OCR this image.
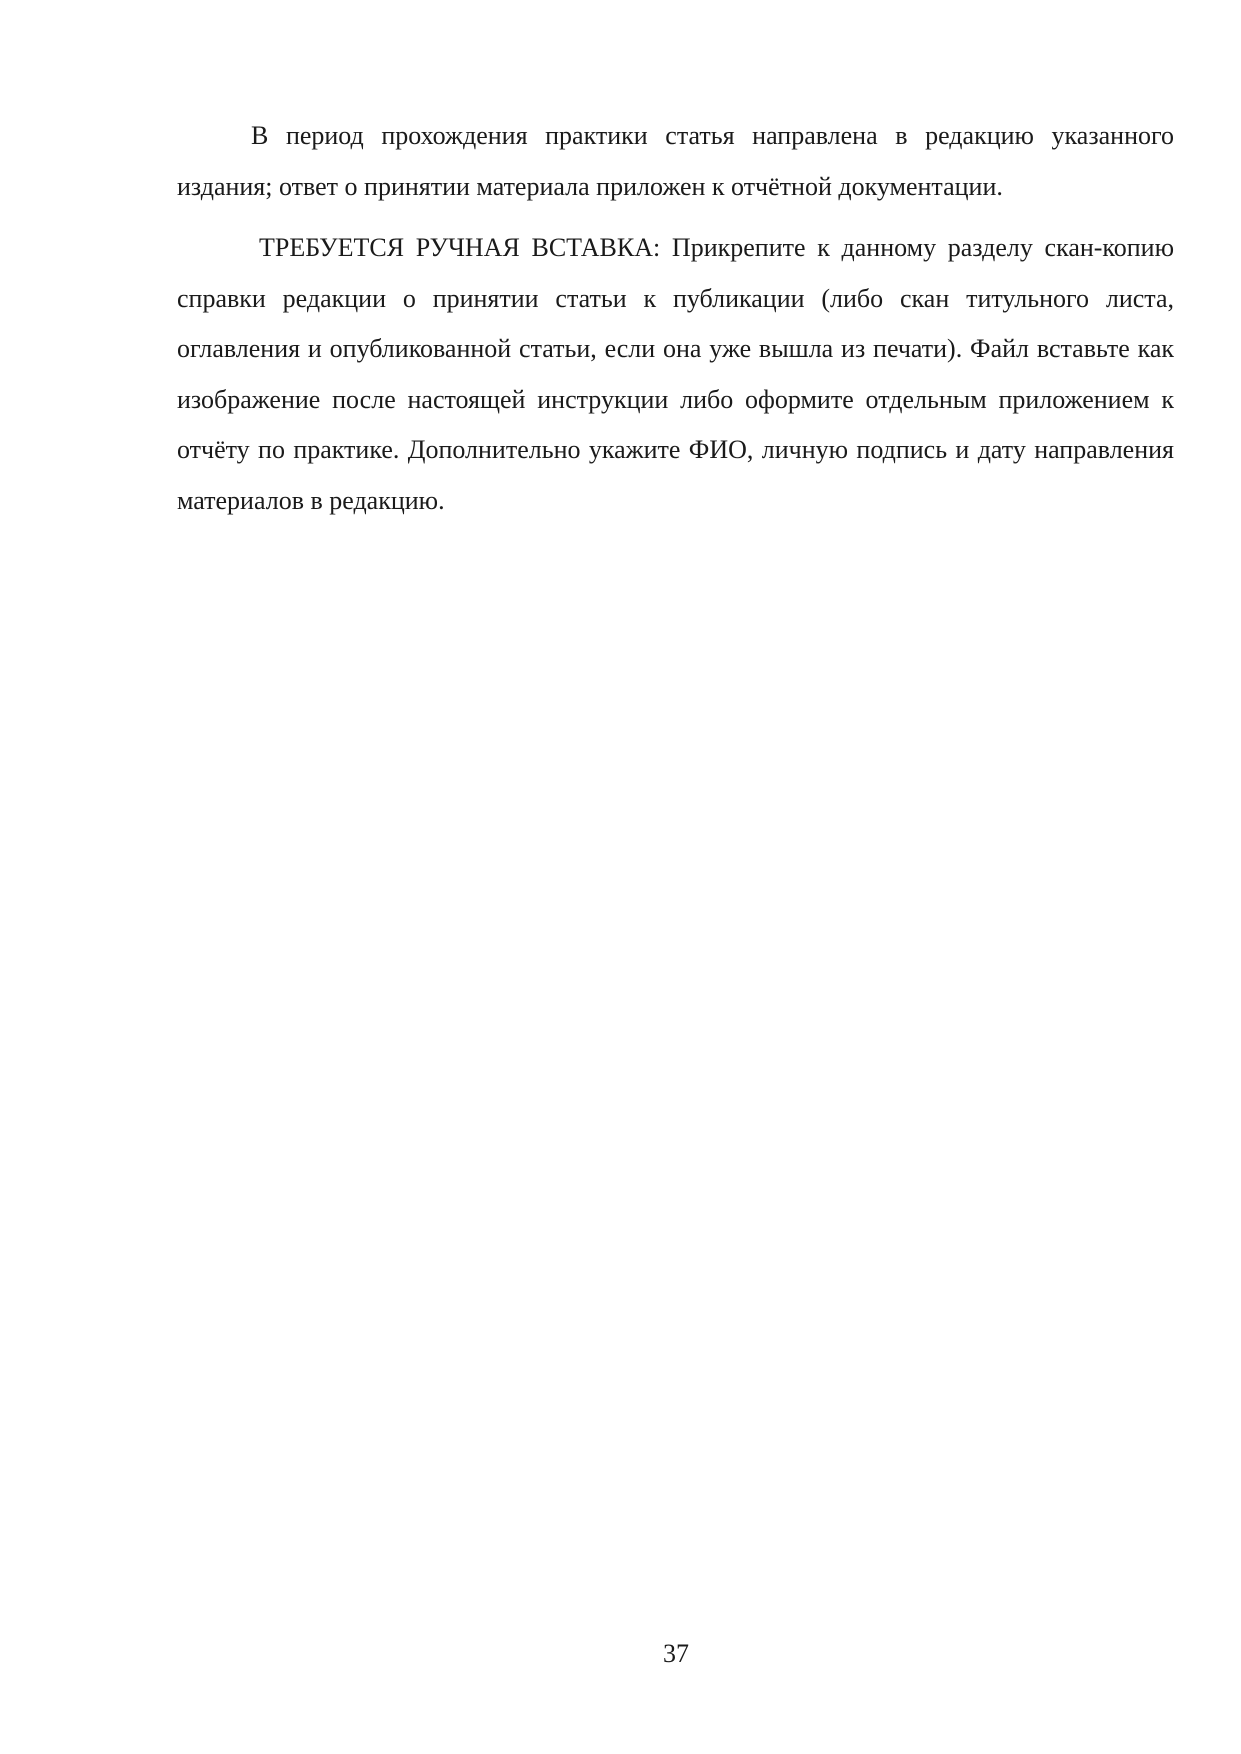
В период прохождения практики статья направлена в редакцию указанного издания; ответ о принятии материала приложен к отчётной документации.

ТРЕБУЕТСЯ РУЧНАЯ ВСТАВКА: Прикрепите к данному разделу скан-копию справки редакции о принятии статьи к публикации (либо скан титульного листа, оглавления и опубликованной статьи, если она уже вышла из печати). Файл вставьте как изображение после настоящей инструкции либо оформите отдельным приложением к отчёту по практике. Дополнительно укажите ФИО, личную подпись и дату направления материалов в редакцию.

37
